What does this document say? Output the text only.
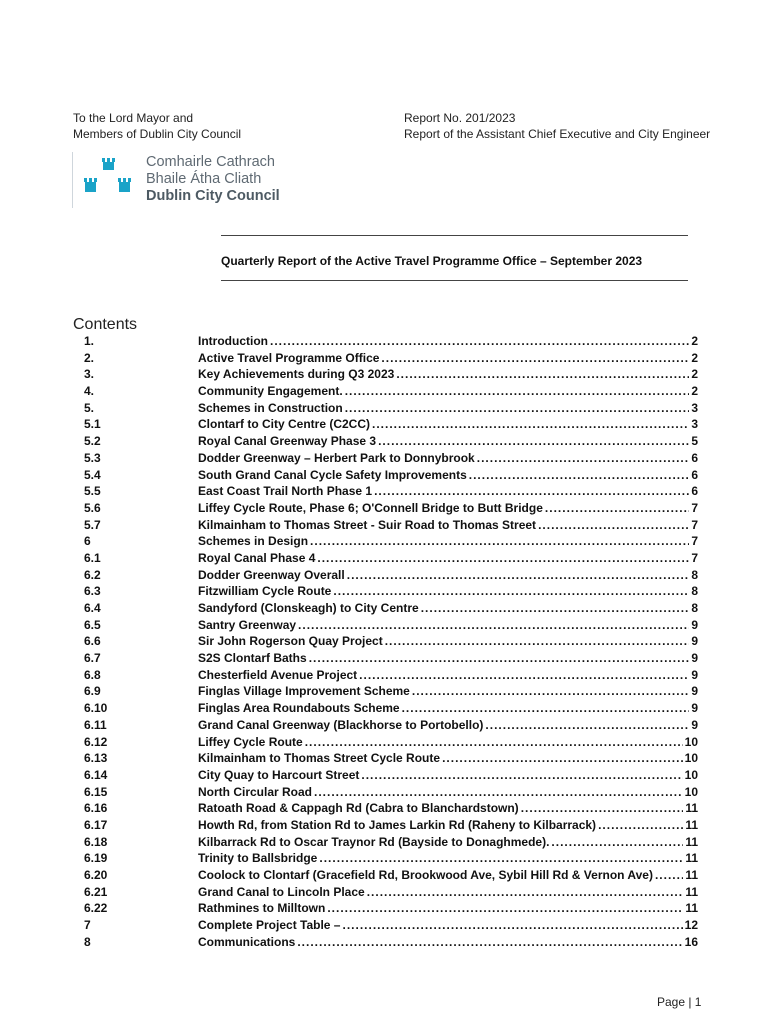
To the Lord Mayor and
Members of Dublin City Council
Report No. 201/2023
Report of the Assistant Chief Executive and City Engineer
Comhairle Cathrach
Bhaile Átha Cliath
Dublin City Council
Quarterly Report of the Active Travel Programme Office – September 2023
Contents
1.	Introduction .....	2
2.	Active Travel Programme Office .....	2
3.	Key Achievements during Q3 2023 .....	2
4.	Community Engagement. .....	2
5.	Schemes in Construction .....	3
5.1	Clontarf to City Centre (C2CC) .....	3
5.2	Royal Canal Greenway Phase 3 .....	5
5.3	Dodder Greenway – Herbert Park to Donnybrook .....	6
5.4	South Grand Canal Cycle Safety Improvements .....	6
5.5	East Coast Trail North Phase 1 .....	6
5.6	Liffey Cycle Route, Phase 6; O'Connell Bridge to Butt Bridge .....	7
5.7	Kilmainham to Thomas Street - Suir Road to Thomas Street .....	7
6	Schemes in Design .....	7
6.1	Royal Canal Phase 4 .....	7
6.2	Dodder Greenway Overall .....	8
6.3	Fitzwilliam Cycle Route .....	8
6.4	Sandyford (Clonskeagh) to City Centre .....	8
6.5	Santry Greenway .....	9
6.6	Sir John Rogerson Quay Project .....	9
6.7	S2S Clontarf Baths .....	9
6.8	Chesterfield Avenue Project .....	9
6.9	Finglas Village Improvement Scheme .....	9
6.10	Finglas Area Roundabouts Scheme .....	9
6.11	Grand Canal Greenway (Blackhorse to Portobello) .....	9
6.12	Liffey Cycle Route .....	10
6.13	Kilmainham to Thomas Street Cycle Route .....	10
6.14	City Quay to Harcourt Street .....	10
6.15	North Circular Road .....	10
6.16	Ratoath Road & Cappagh Rd (Cabra to Blanchardstown) .....	11
6.17	Howth Rd, from Station Rd to James Larkin Rd (Raheny to Kilbarrack) .....	11
6.18	Kilbarrack Rd to Oscar Traynor Rd (Bayside to Donaghmede). .....	11
6.19	Trinity to Ballsbridge .....	11
6.20	Coolock to Clontarf (Gracefield Rd, Brookwood Ave, Sybil Hill Rd & Vernon Ave) .....	11
6.21	Grand Canal to Lincoln Place .....	11
6.22	Rathmines to Milltown .....	11
7	Complete Project Table – .....	12
8	Communications .....	16
Page | 1
